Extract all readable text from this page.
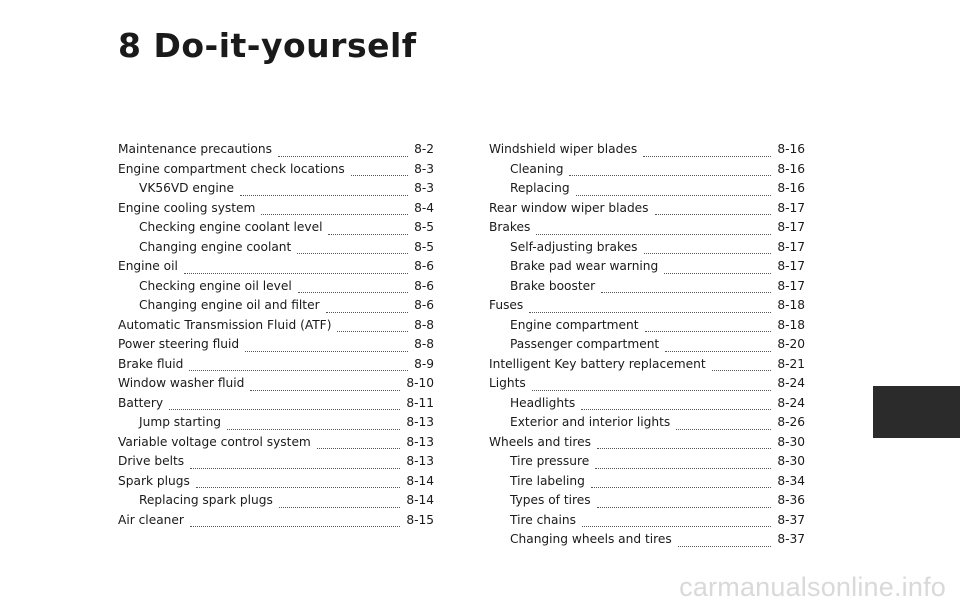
8 Do-it-yourself
Maintenance precautions	8-2
Engine compartment check locations	8-3
VK56VD engine	8-3
Engine cooling system	8-4
Checking engine coolant level	8-5
Changing engine coolant	8-5
Engine oil	8-6
Checking engine oil level	8-6
Changing engine oil and filter	8-6
Automatic Transmission Fluid (ATF)	8-8
Power steering fluid	8-8
Brake fluid	8-9
Window washer fluid	8-10
Battery	8-11
Jump starting	8-13
Variable voltage control system	8-13
Drive belts	8-13
Spark plugs	8-14
Replacing spark plugs	8-14
Air cleaner	8-15
Windshield wiper blades	8-16
Cleaning	8-16
Replacing	8-16
Rear window wiper blades	8-17
Brakes	8-17
Self-adjusting brakes	8-17
Brake pad wear warning	8-17
Brake booster	8-17
Fuses	8-18
Engine compartment	8-18
Passenger compartment	8-20
Intelligent Key battery replacement	8-21
Lights	8-24
Headlights	8-24
Exterior and interior lights	8-26
Wheels and tires	8-30
Tire pressure	8-30
Tire labeling	8-34
Types of tires	8-36
Tire chains	8-37
Changing wheels and tires	8-37
carmanualsonline.info
